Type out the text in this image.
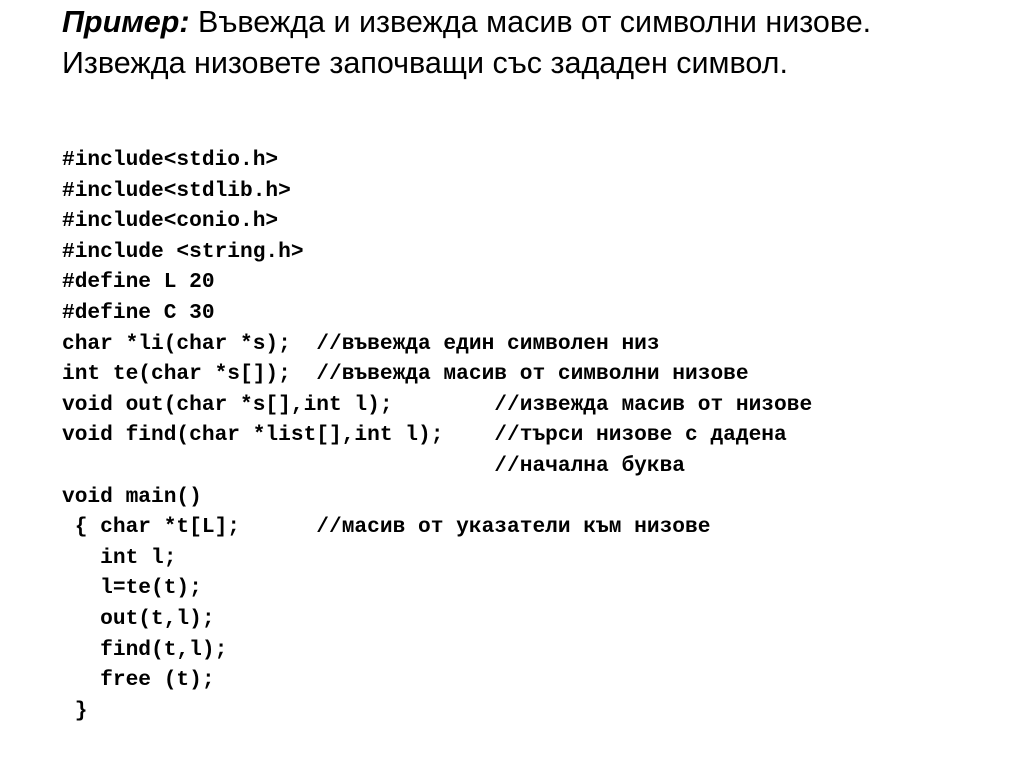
Пример: Въвежда и извежда масив от символни низове. Извежда низовете започващи със зададен символ.
#include<stdio.h>
#include<stdlib.h>
#include<conio.h>
#include <string.h>
#define L 20
#define C 30
char *li(char *s);  //въвежда един символен низ
int te(char *s[]);  //въвежда масив от символни низове
void out(char *s[],int l);        //извежда масив от низове
void find(char *list[],int l);    //търси низове с дадена
//начална буква
void main()
{ char *t[L];      //масив от указатели към низове
int l;
l=te(t);
out(t,l);
find(t,l);
free (t);
}
